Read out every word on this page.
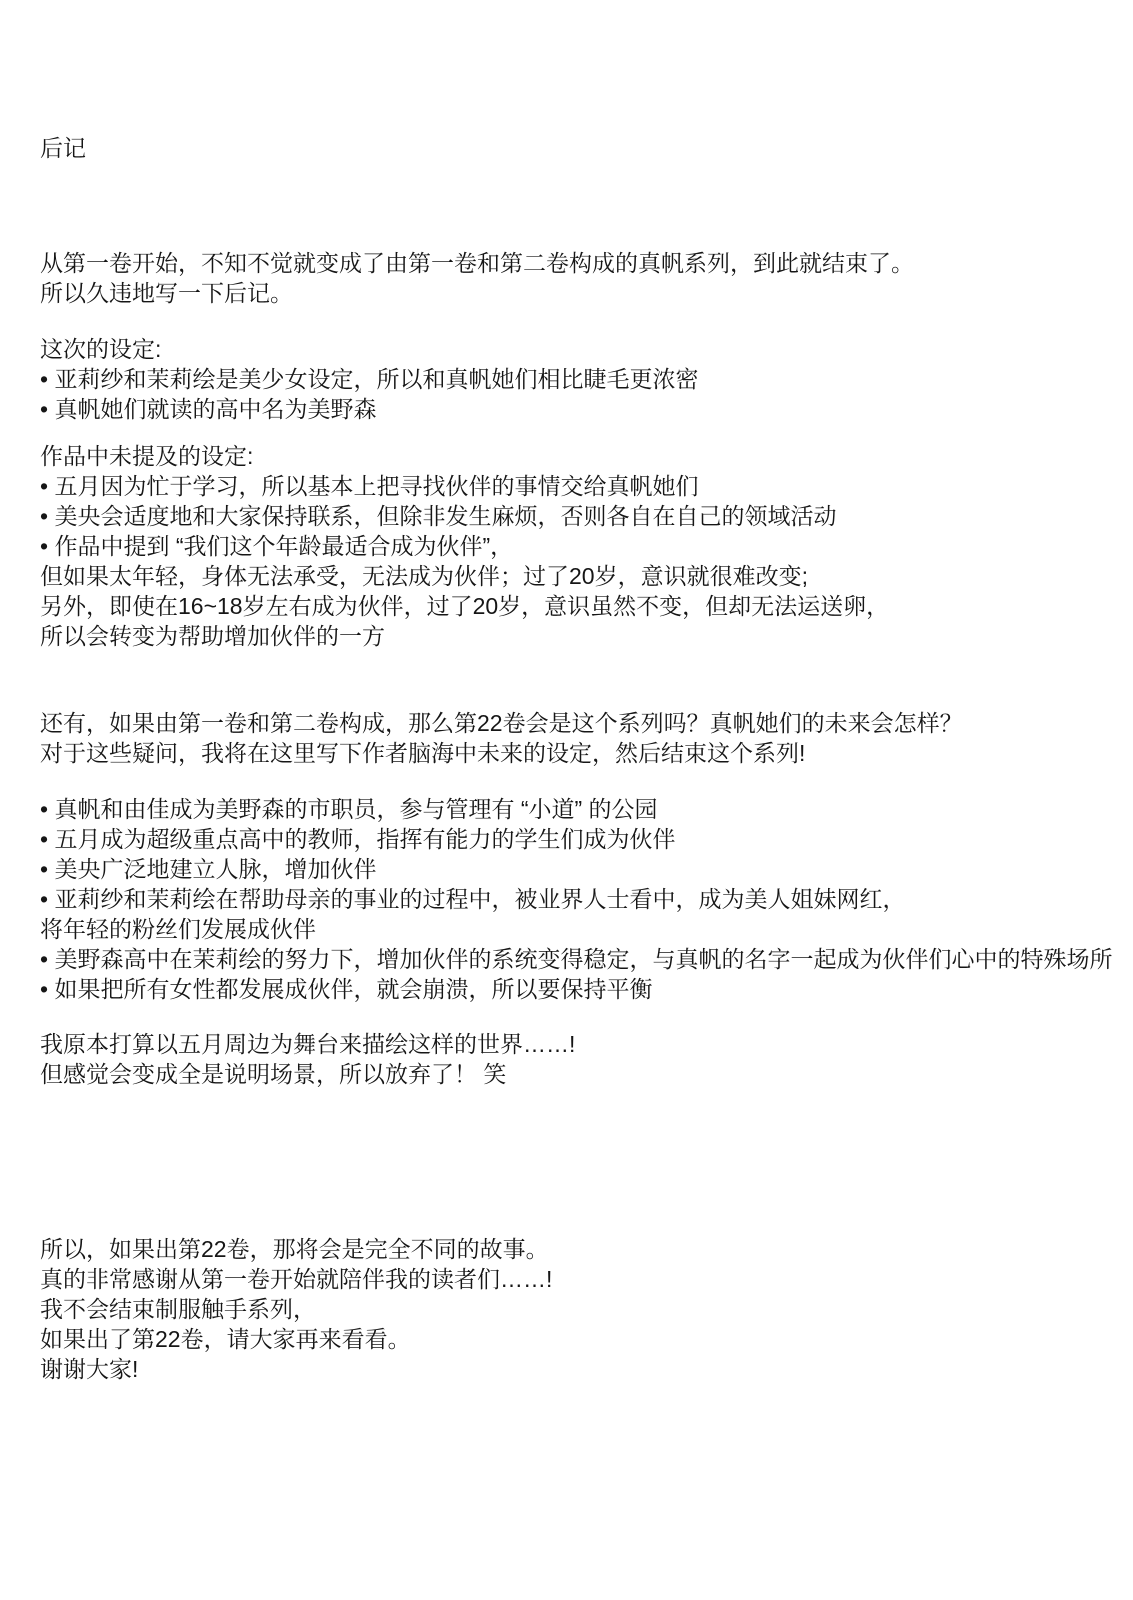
后记
从第一卷开始，不知不觉就变成了由第一卷和第二卷构成的真帆系列，到此就结束了。
所以久违地写一下后记。
这次的设定:
• 亚莉纱和茉莉绘是美少女设定，所以和真帆她们相比睫毛更浓密
• 真帆她们就读的高中名为美野森
作品中未提及的设定:
• 五月因为忙于学习，所以基本上把寻找伙伴的事情交给真帆她们
• 美央会适度地和大家保持联系，但除非发生麻烦，否则各自在自己的领域活动
• 作品中提到 “我们这个年龄最适合成为伙伴”，
但如果太年轻，身体无法承受，无法成为伙伴；过了20岁，意识就很难改变;
另外，即使在16~18岁左右成为伙伴，过了20岁，意识虽然不变，但却无法运送卵，
所以会转变为帮助增加伙伴的一方
还有，如果由第一卷和第二卷构成，那么第22卷会是这个系列吗？真帆她们的未来会怎样？
对于这些疑问，我将在这里写下作者脑海中未来的设定，然后结束这个系列!
• 真帆和由佳成为美野森的市职员，参与管理有 “小道” 的公园
• 五月成为超级重点高中的教师，指挥有能力的学生们成为伙伴
• 美央广泛地建立人脉，增加伙伴
• 亚莉纱和茉莉绘在帮助母亲的事业的过程中，被业界人士看中，成为美人姐妹网红，
将年轻的粉丝们发展成伙伴
• 美野森高中在茉莉绘的努力下，增加伙伴的系统变得稳定，与真帆的名字一起成为伙伴们心中的特殊场所
• 如果把所有女性都发展成伙伴，就会崩溃，所以要保持平衡
我原本打算以五月周边为舞台来描绘这样的世界……!
但感觉会变成全是说明场景，所以放弃了！ 笑
所以，如果出第22卷，那将会是完全不同的故事。
真的非常感谢从第一卷开始就陪伴我的读者们……!
我不会结束制服触手系列，
如果出了第22卷，请大家再来看看。
谢谢大家!
